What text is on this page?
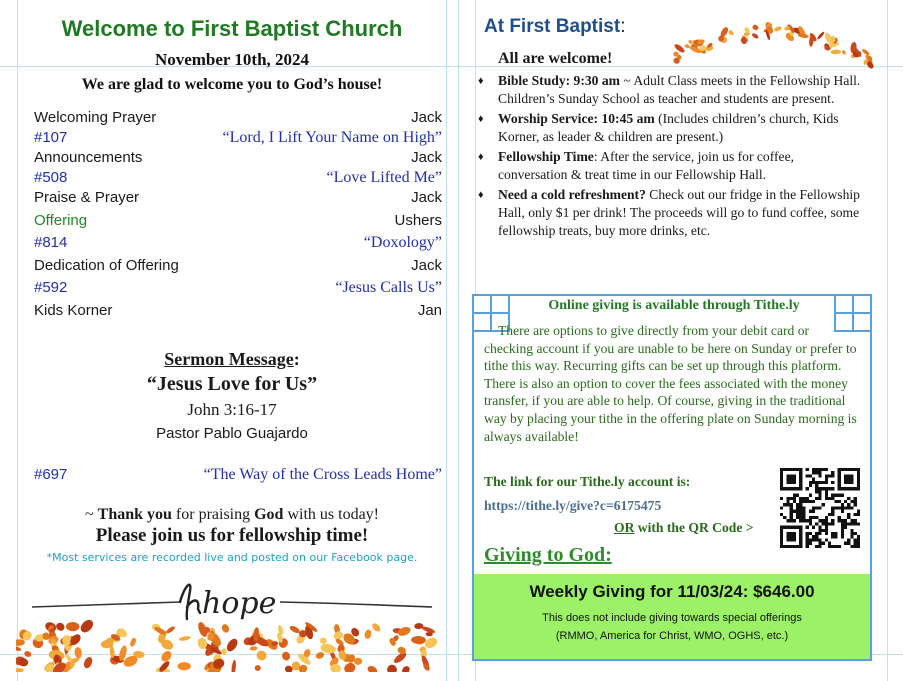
Welcome to First Baptist Church
November 10th, 2024
We are glad to welcome you to God’s house!
Welcoming Prayer	Jack
#107	“Lord, I Lift Your Name on High”
Announcements	Jack
#508	“Love Lifted Me”
Praise & Prayer	Jack
Offering	Ushers
#814	“Doxology”
Dedication of Offering	Jack
#592	“Jesus Calls Us”
Kids Korner	Jan
Sermon Message:
“Jesus Love for Us”
John 3:16-17
Pastor Pablo Guajardo
#697	“The Way of the Cross Leads Home”
~ Thank you for praising God with us today!
Please join us for fellowship time!
*Most services are recorded live and posted on our Facebook page.
hope
At First Baptist:
All are welcome!
♦ Bible Study: 9:30 am ~ Adult Class meets in the Fellowship Hall. Children’s Sunday School as teacher and students are present.
♦ Worship Service: 10:45 am (Includes children’s church, Kids Korner, as leader & children are present.)
♦ Fellowship Time: After the service, join us for coffee, conversation & treat time in our Fellowship Hall.
♦ Need a cold refreshment? Check out our fridge in the Fellowship Hall, only $1 per drink! The proceeds will go to fund coffee, some fellowship treats, buy more drinks, etc.
Online giving is available through Tithe.ly
There are options to give directly from your debit card or checking account if you are unable to be here on Sunday or prefer to tithe this way. Recurring gifts can be set up through this platform. There is also an option to cover the fees associated with the money transfer, if you are able to help. Of course, giving in the traditional way by placing your tithe in the offering plate on Sunday morning is always available!
The link for our Tithe.ly account is:
https://tithe.ly/give?c=6175475
OR with the QR Code >
Giving to God:
Weekly Giving for 11/03/24: $646.00
This does not include giving towards special offerings
(RMMO, America for Christ, WMO, OGHS, etc.)
